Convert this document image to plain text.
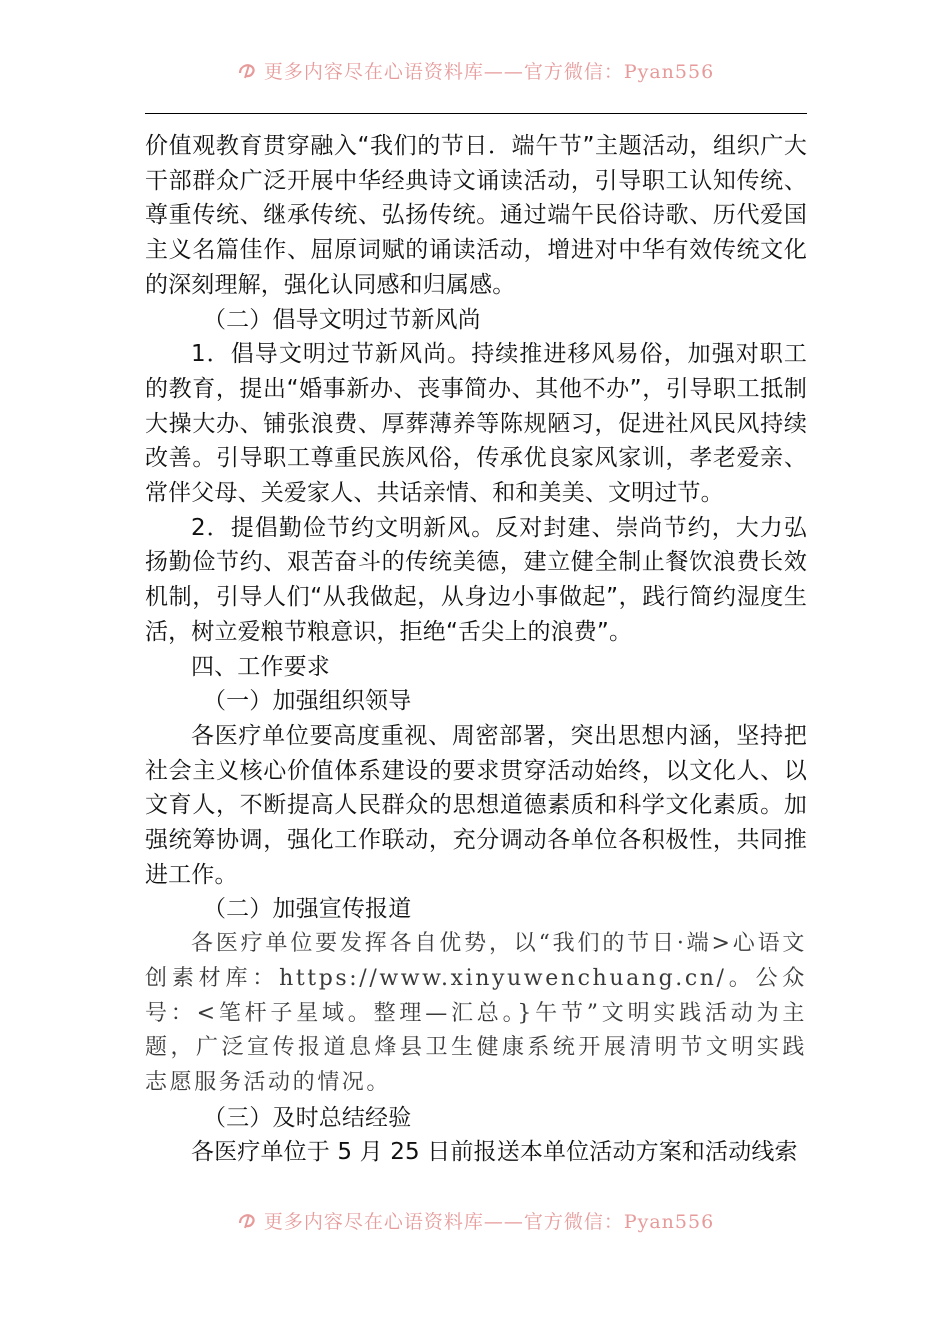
更多内容尽在心语资料库——官方微信：Pyan556

价值观教育贯穿融入“我们的节日．端午节”主题活动，组织广大干部群众广泛开展中华经典诗文诵读活动，引导职工认知传统、尊重传统、继承传统、弘扬传统。通过端午民俗诗歌、历代爱国主义名篇佳作、屈原词赋的诵读活动，增进对中华有效传统文化的深刻理解，强化认同感和归属感。

（二）倡导文明过节新风尚

1．倡导文明过节新风尚。持续推进移风易俗，加强对职工的教育，提出“婚事新办、丧事简办、其他不办”，引导职工抵制大操大办、铺张浪费、厚葬薄养等陈规陋习，促进社风民风持续改善。引导职工尊重民族风俗，传承优良家风家训，孝老爱亲、常伴父母、关爱家人、共话亲情、和和美美、文明过节。

2．提倡勤俭节约文明新风。反对封建、崇尚节约，大力弘扬勤俭节约、艰苦奋斗的传统美德，建立健全制止餐饮浪费长效机制，引导人们“从我做起，从身边小事做起”，践行简约湿度生活，树立爱粮节粮意识，拒绝“舌尖上的浪费”。

四、工作要求

（一）加强组织领导

各医疗单位要高度重视、周密部署，突出思想内涵，坚持把社会主义核心价值体系建设的要求贯穿活动始终，以文化人、以文育人，不断提高人民群众的思想道德素质和科学文化素质。加强统筹协调，强化工作联动，充分调动各单位各积极性，共同推进工作。

（二）加强宣传报道

各医疗单位要发挥各自优势，以“我们的节日·端>心语文创素材库：https://www.xinyuwenchuang.cn/。公众号：<笔杆子星域。整理—汇总。}午节”文明实践活动为主题，广泛宣传报道息烽县卫生健康系统开展清明节文明实践志愿服务活动的情况。

（三）及时总结经验

各医疗单位于 5 月 25 日前报送本单位活动方案和活动线索

更多内容尽在心语资料库——官方微信：Pyan556
